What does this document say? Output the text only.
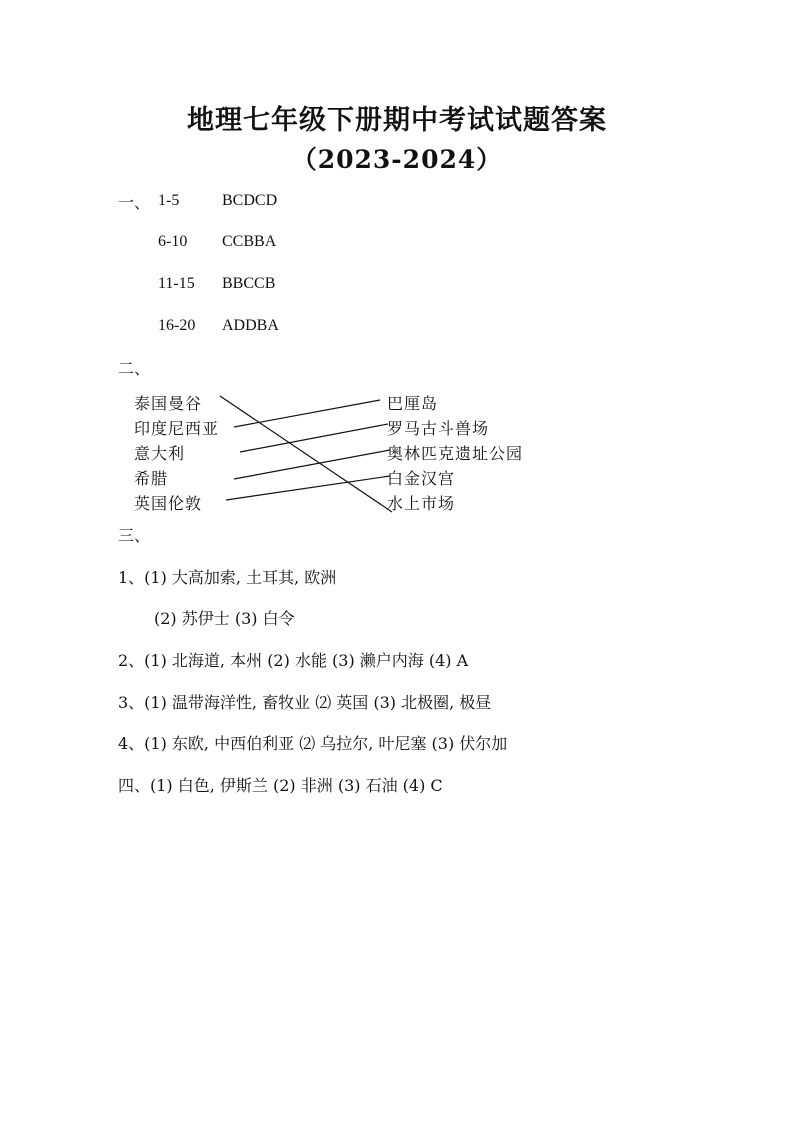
地理七年级下册期中考试试题答案
（2023-2024）
一、 1-5	BCDCD
6-10 CCBBA
11-15 BBCCB
16-20 ADDBA
二、
泰国曼谷
印度尼西亚
意大利
希腊
英国伦敦
巴厘岛
罗马古斗兽场
奥林匹克遗址公园
白金汉宫
水上市场
三、
1、(1) 大高加索, 土耳其, 欧洲
(2) 苏伊士 (3) 白令
2、(1) 北海道, 本州 (2) 水能 (3) 濑户内海 (4) A
3、(1) 温带海洋性, 畜牧业 ⑵ 英国 (3) 北极圈, 极昼
4、(1) 东欧, 中西伯利亚 ⑵ 乌拉尔, 叶尼塞 (3) 伏尔加
四、(1) 白色, 伊斯兰 (2) 非洲 (3) 石油 (4) C
